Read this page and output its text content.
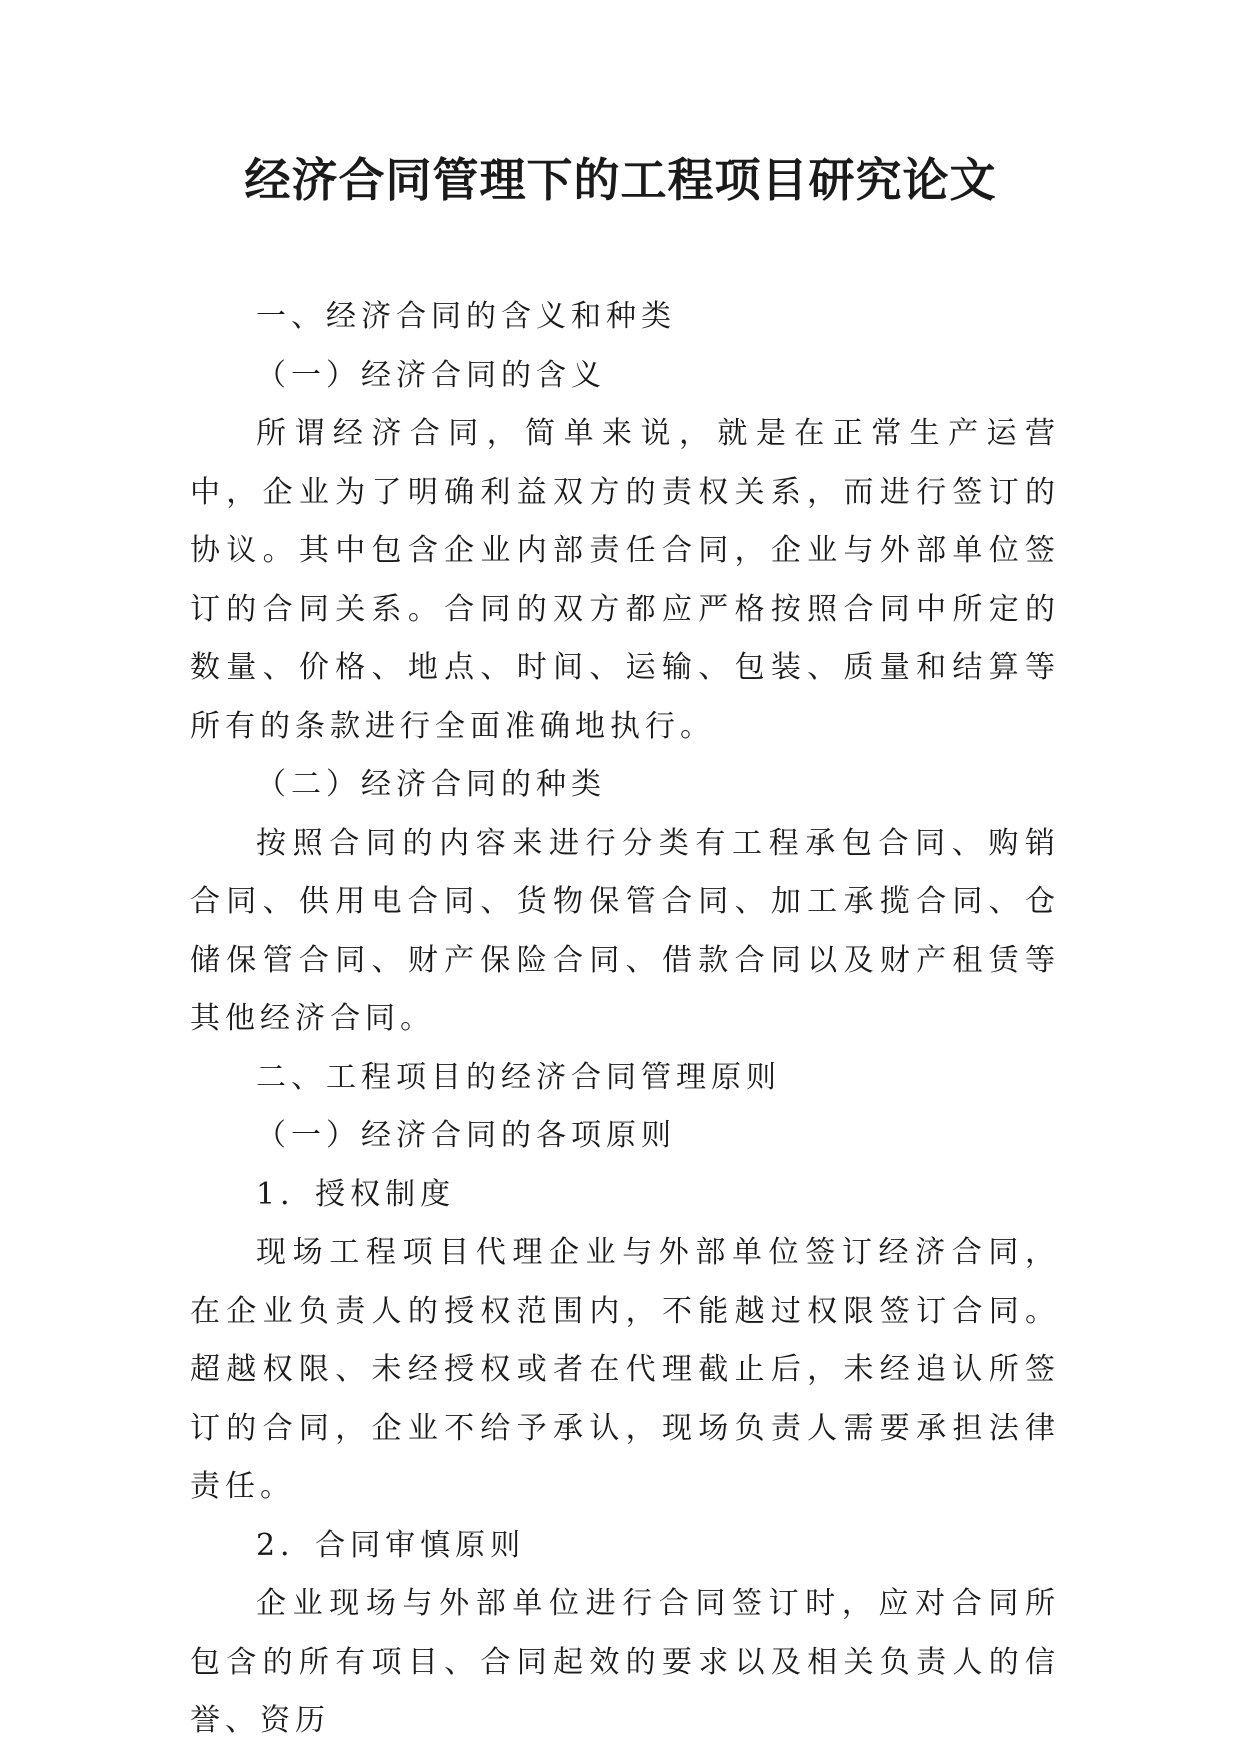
经济合同管理下的工程项目研究论文

一、经济合同的含义和种类

（一）经济合同的含义

所谓经济合同，简单来说，就是在正常生产运营中，企业为了明确利益双方的责权关系，而进行签订的协议。其中包含企业内部责任合同，企业与外部单位签订的合同关系。合同的双方都应严格按照合同中所定的数量、价格、地点、时间、运输、包装、质量和结算等所有的条款进行全面准确地执行。

（二）经济合同的种类

按照合同的内容来进行分类有工程承包合同、购销合同、供用电合同、货物保管合同、加工承揽合同、仓储保管合同、财产保险合同、借款合同以及财产租赁等其他经济合同。

二、工程项目的经济合同管理原则

（一）经济合同的各项原则

1．授权制度

现场工程项目代理企业与外部单位签订经济合同，在企业负责人的授权范围内，不能越过权限签订合同。超越权限、未经授权或者在代理截止后，未经追认所签订的合同，企业不给予承认，现场负责人需要承担法律责任。

2．合同审慎原则

企业现场与外部单位进行合同签订时，应对合同所包含的所有项目、合同起效的要求以及相关负责人的信誉、资历
